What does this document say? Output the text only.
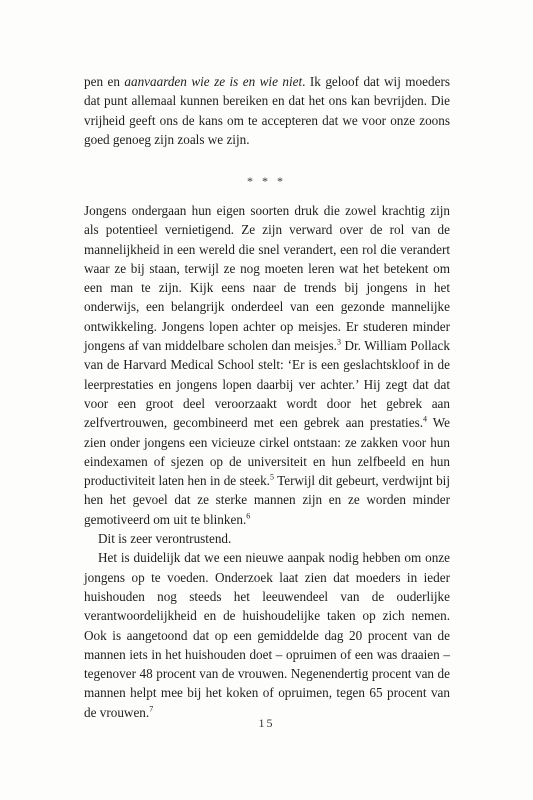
pen en aanvaarden wie ze is en wie niet. Ik geloof dat wij moeders dat punt allemaal kunnen bereiken en dat het ons kan bevrijden. Die vrijheid geeft ons de kans om te accepteren dat we voor onze zoons goed genoeg zijn zoals we zijn.

* * *

Jongens ondergaan hun eigen soorten druk die zowel krachtig zijn als potentieel vernietigend. Ze zijn verward over de rol van de mannelijkheid in een wereld die snel verandert, een rol die verandert waar ze bij staan, terwijl ze nog moeten leren wat het betekent om een man te zijn. Kijk eens naar de trends bij jongens in het onderwijs, een belangrijk onderdeel van een gezonde mannelijke ontwikkeling. Jongens lopen achter op meisjes. Er studeren minder jongens af van middelbare scholen dan meisjes.$^3$ Dr. William Pollack van de Harvard Medical School stelt: ‘Er is een geslachtskloof in de leerprestaties en jongens lopen daarbij ver achter.’ Hij zegt dat dat voor een groot deel veroorzaakt wordt door het gebrek aan zelfvertrouwen, gecombineerd met een gebrek aan prestaties.$^4$ We zien onder jongens een vicieuze cirkel ontstaan: ze zakken voor hun eindexamen of sjezen op de universiteit en hun zelfbeeld en hun productiviteit laten hen in de steek.$^5$ Terwijl dit gebeurt, verdwijnt bij hen het gevoel dat ze sterke mannen zijn en ze worden minder gemotiveerd om uit te blinken.$^6$

Dit is zeer verontrustend.

Het is duidelijk dat we een nieuwe aanpak nodig hebben om onze jongens op te voeden. Onderzoek laat zien dat moeders in ieder huishouden nog steeds het leeuwendeel van de ouderlijke verantwoordelijkheid en de huishoudelijke taken op zich nemen. Ook is aangetoond dat op een gemiddelde dag 20 procent van de mannen iets in het huishouden doet – opruimen of een was draaien – tegenover 48 procent van de vrouwen. Negenendertig procent van de mannen helpt mee bij het koken of opruimen, tegen 65 procent van de vrouwen.$^7$

15
